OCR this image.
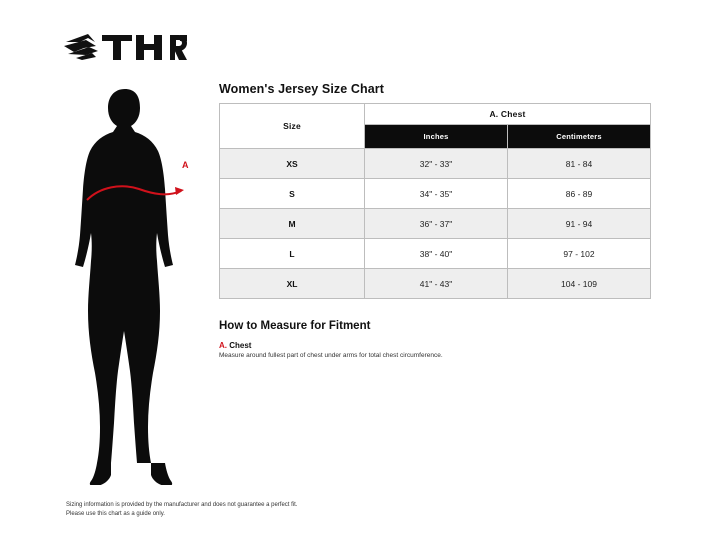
A
Women's Jersey Size Chart
Size	A. Chest	
	Inches	Centimeters
XS	32" - 33"	81 - 84
S	34" - 35"	86 - 89
M	36" - 37"	91 - 94
L	38" - 40"	97 - 102
XL	41" - 43"	104 - 109
How to Measure for Fitment
A. Chest
Measure around fullest part of chest under arms for total chest circumference.
Sizing information is provided by the manufacturer and does not guarantee a perfect fit.
Please use this chart as a guide only.
